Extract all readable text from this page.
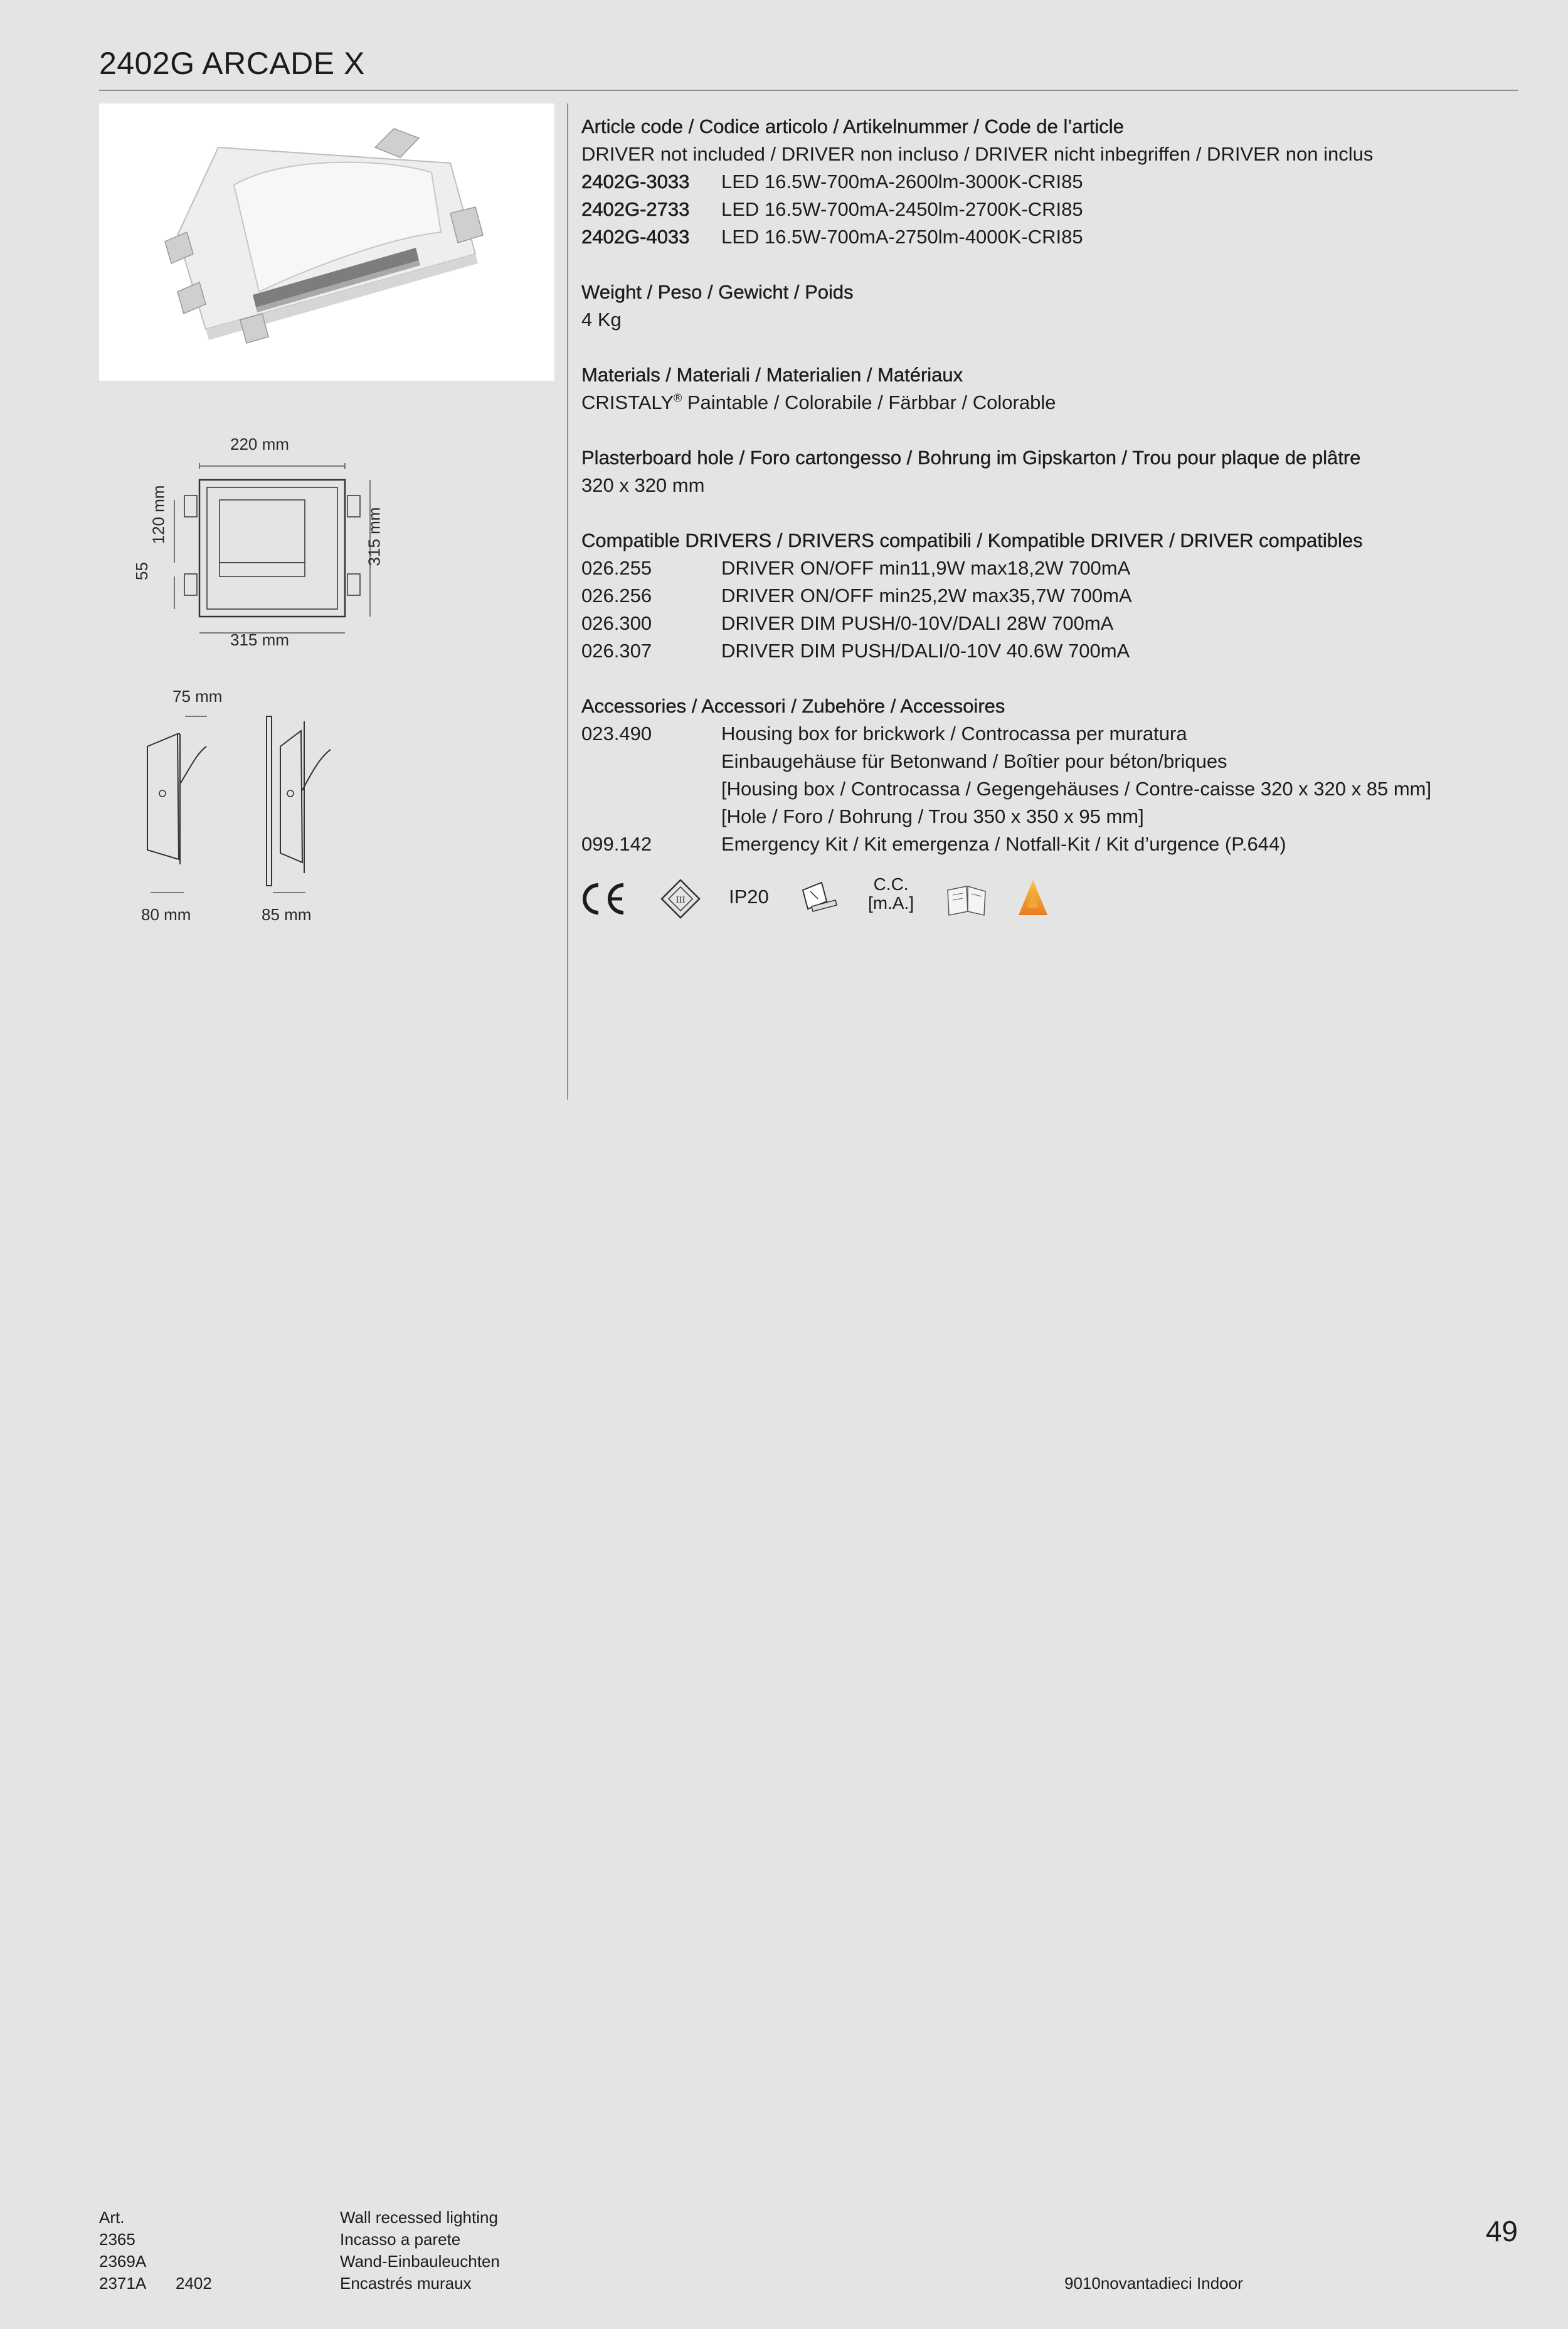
2402G ARCADE X
220 mm
55
120 mm	315 mm
315 mm
75 mm
80 mm	85 mm
Article code / Codice articolo / Artikelnummer / Code de l’article
DRIVER not included / DRIVER non incluso / DRIVER nicht inbegriffen / DRIVER non inclus
2402G-3033	LED 16.5W-700mA-2600lm-3000K-CRI85
2402G-2733	LED 16.5W-700mA-2450lm-2700K-CRI85
2402G-4033	LED 16.5W-700mA-2750lm-4000K-CRI85
Weight / Peso / Gewicht / Poids
4 Kg
Materials / Materiali / Materialien / Matériaux
CRISTALY® Paintable / Colorabile / Färbbar / Colorable
Plasterboard hole / Foro cartongesso / Bohrung im Gipskarton / Trou pour plaque de plâtre
320 x 320 mm
Compatible DRIVERS / DRIVERS compatibili / Kompatible DRIVER / DRIVER compatibles
026.255	DRIVER ON/OFF min11,9W max18,2W 700mA
026.256	DRIVER ON/OFF min25,2W max35,7W 700mA
026.300	DRIVER DIM PUSH/0-10V/DALI 28W 700mA
026.307	DRIVER DIM PUSH/DALI/0-10V 40.6W 700mA
Accessories / Accessori / Zubehöre / Accessoires
023.490	Housing box for brickwork / Controcassa per muratura
Einbaugehäuse für Betonwand / Boîtier pour béton/briques
[Housing box / Controcassa / Gegengehäuses / Contre-caisse 320 x 320 x 85 mm]
[Hole / Foro / Bohrung / Trou 350 x 350 x 95 mm]
099.142	Emergency Kit / Kit emergenza / Notfall-Kit / Kit d’urgence (P.644)
III IP20
C.C.
[m.A.]
Art.
2365
2369A
2371A 2402
Wall recessed lighting
Incasso a parete
Wand-Einbauleuchten
Encastrés muraux	9010novantadieci Indoor
49
